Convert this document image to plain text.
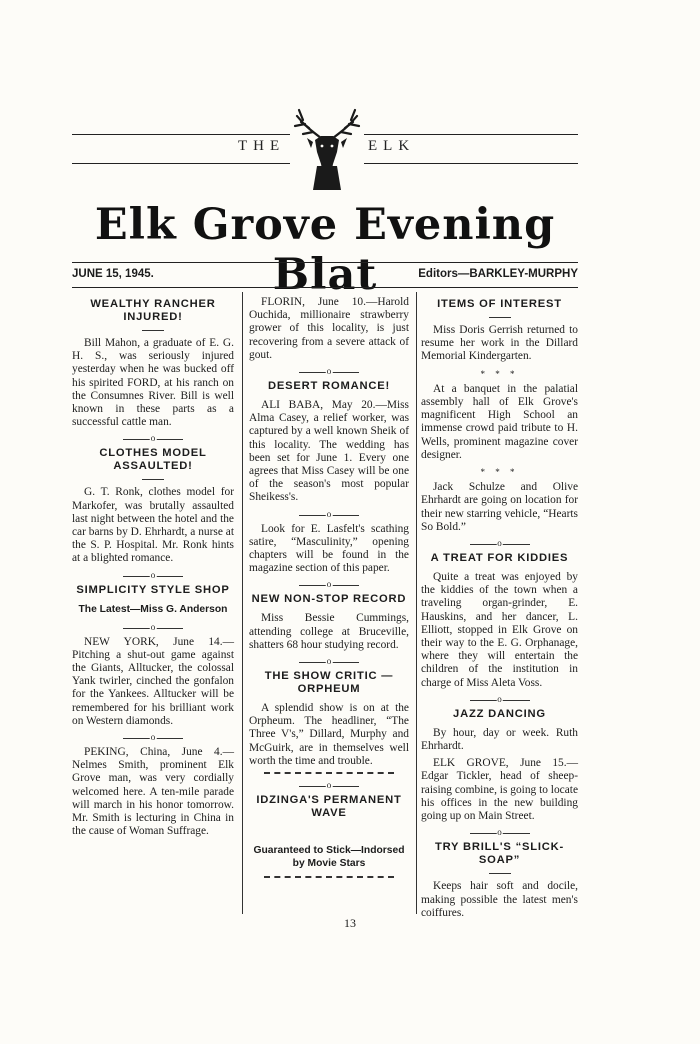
THE	ELK
Elk Grove Evening Blat
JUNE 15, 1945.	Editors—BARKLEY-MURPHY
WEALTHY RANCHER INJURED!

Bill Mahon, a graduate of E. G. H. S., was seriously injured yesterday when he was bucked off his spirited FORD, at his ranch on the Consumnes River. Bill is well known in these parts as a successful cattle man.

o
CLOTHES MODEL ASSAULTED!

G. T. Ronk, clothes model for Markofer, was brutally assaulted last night between the hotel and the car barns by D. Ehrhardt, a nurse at the S. P. Hospital. Mr. Ronk hints at a blighted romance.

o
SIMPLICITY STYLE SHOP
The Latest—Miss G. Anderson
o

NEW YORK, June 14.—Pitching a shut-out game against the Giants, Alltucker, the colossal Yank twirler, cinched the gonfalon for the Yankees. Alltucker will be remembered for his brilliant work on Western diamonds.

o

PEKING, China, June 4.—Nelmes Smith, prominent Elk Grove man, was very cordially welcomed here. A ten-mile parade will march in his honor tomorrow. Mr. Smith is lecturing in China in the cause of Woman Suffrage.

FLORIN, June 10.—Harold Ouchida, millionaire strawberry grower of this locality, is just recovering from a severe attack of gout.

o
DESERT ROMANCE!

ALI BABA, May 20.—Miss Alma Casey, a relief worker, was captured by a well known Sheik of this locality. The wedding has been set for June 1. Every one agrees that Miss Casey will be one of the season's most popular Sheikess's.

o

Look for E. Lasfelt's scathing satire, “Masculinity,” opening chapters will be found in the magazine section of this paper.

o
NEW NON-STOP RECORD

Miss Bessie Cummings, attending college at Bruceville, shatters 68 hour studying record.

o
THE SHOW CRITIC —ORPHEUM

A splendid show is on at the Orpheum. The headliner, “The Three V's,” Dillard, Murphy and McGuirk, are in themselves well worth the time and trouble.

o
IDZINGA'S PERMANENT WAVE
Guaranteed to Stick—Indorsed by Movie Stars
ITEMS OF INTEREST

Miss Doris Gerrish returned to resume her work in the Dillard Memorial Kindergarten.

* * *

At a banquet in the palatial assembly hall of Elk Grove's magnificent High School an immense crowd paid tribute to H. Wells, prominent magazine cover designer.

* * *

Jack Schulze and Olive Ehrhardt are going on location for their new starring vehicle, “Hearts So Bold.”

o
A TREAT FOR KIDDIES

Quite a treat was enjoyed by the kiddies of the town when a traveling organ-grinder, E. Hauskins, and her dancer, L. Elliott, stopped in Elk Grove on their way to the E. G. Orphanage, where they will entertain the children of the institution in charge of Miss Aleta Voss.

o
JAZZ DANCING

By hour, day or week. Ruth Ehrhardt.

ELK GROVE, June 15.—Edgar Tickler, head of sheep-raising combine, is going to locate his offices in the new building going up on Main Street.

o
TRY BRILL'S “SLICK-SOAP”

Keeps hair soft and docile, making possible the latest men's coiffures.

13
